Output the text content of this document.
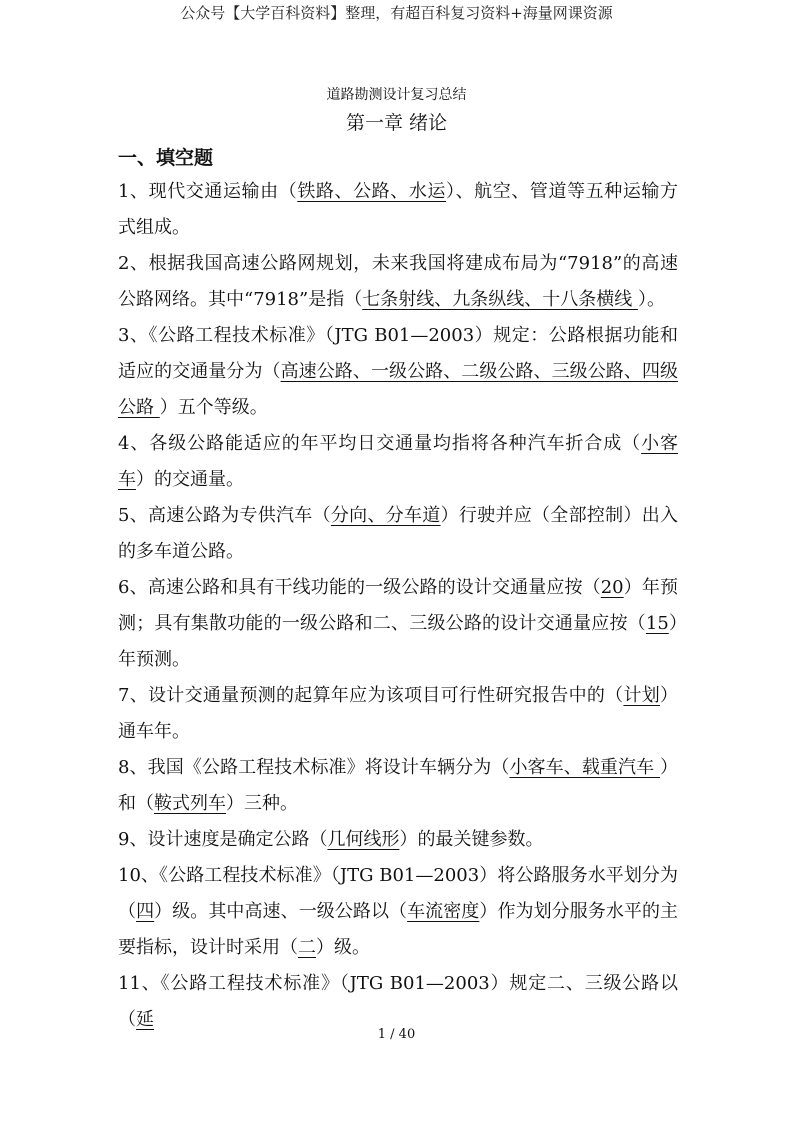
公众号【大学百科资料】整理，有超百科复习资料+海量网课资源
道路勘测设计复习总结
第一章 绪论
一、填空题

1、现代交通运输由（铁路、公路、水运）、航空、管道等五种运输方式组成。

2、根据我国高速公路网规划，未来我国将建成布局为“7918”的高速公路网络。其中“7918”是指（七条射线、九条纵线、十八条横线 ）。

3、《公路工程技术标准》（JTG B01—2003）规定：公路根据功能和适应的交通量分为（高速公路、一级公路、二级公路、三级公路、四级公路 ）五个等级。

4、各级公路能适应的年平均日交通量均指将各种汽车折合成（小客车）的交通量。

5、高速公路为专供汽车（分向、分车道）行驶并应（全部控制）出入的多车道公路。

6、高速公路和具有干线功能的一级公路的设计交通量应按（20）年预测；具有集散功能的一级公路和二、三级公路的设计交通量应按（15）年预测。

7、设计交通量预测的起算年应为该项目可行性研究报告中的（计划）通车年。

8、我国《公路工程技术标准》将设计车辆分为（小客车、载重汽车 ）和（鞍式列车）三种。

9、设计速度是确定公路（几何线形）的最关键参数。

10、《公路工程技术标准》（JTG B01—2003）将公路服务水平划分为（四）级。其中高速、一级公路以（车流密度）作为划分服务水平的主要指标，设计时采用（二）级。

11、《公路工程技术标准》（JTG B01—2003）规定二、三级公路以（延

1 / 40
